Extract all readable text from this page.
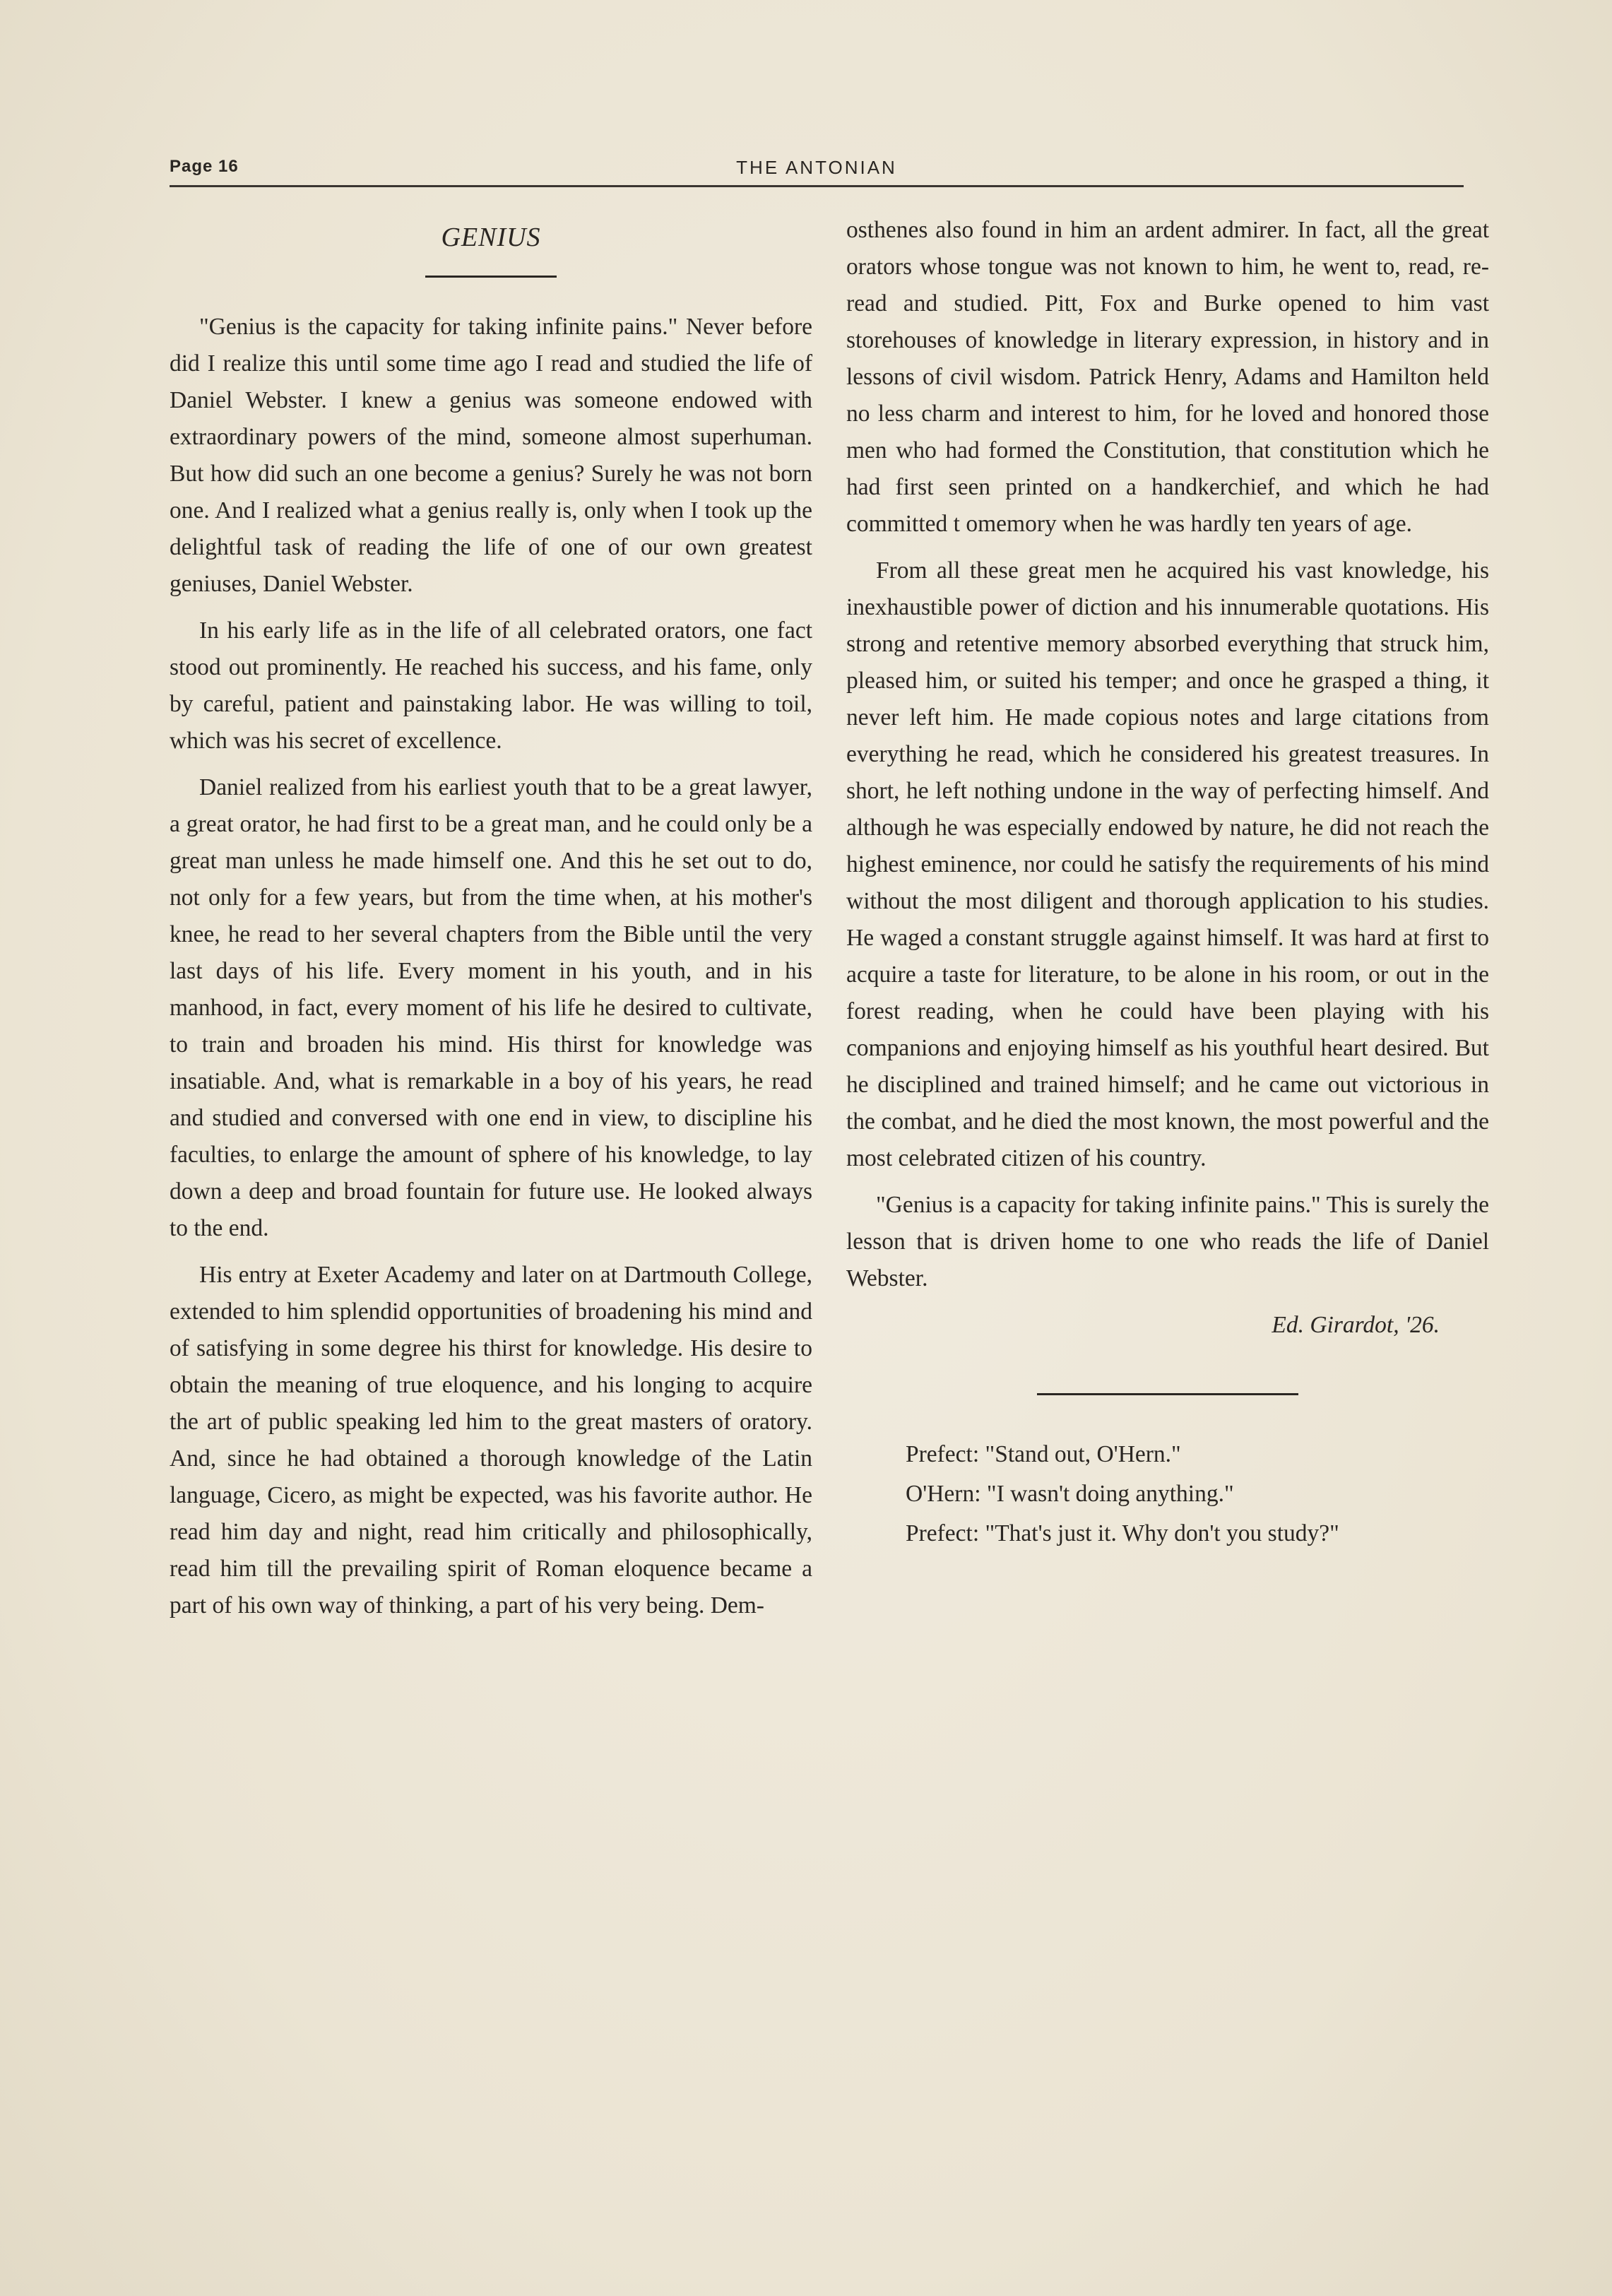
Page 16	THE ANTONIAN
GENIUS

"Genius is the capacity for taking infinite pains." Never before did I realize this until some time ago I read and studied the life of Daniel Webster. I knew a genius was someone endowed with extraordinary powers of the mind, someone almost superhuman. But how did such an one become a genius? Surely he was not born one. And I realized what a genius really is, only when I took up the delightful task of reading the life of one of our own greatest geniuses, Daniel Webster.

In his early life as in the life of all celebrated orators, one fact stood out prominently. He reached his success, and his fame, only by careful, patient and painstaking labor. He was willing to toil, which was his secret of excellence.

Daniel realized from his earliest youth that to be a great lawyer, a great orator, he had first to be a great man, and he could only be a great man unless he made himself one. And this he set out to do, not only for a few years, but from the time when, at his mother's knee, he read to her several chapters from the Bible until the very last days of his life. Every moment in his youth, and in his manhood, in fact, every moment of his life he desired to cultivate, to train and broaden his mind. His thirst for knowledge was insatiable. And, what is remarkable in a boy of his years, he read and studied and conversed with one end in view, to discipline his faculties, to enlarge the amount of sphere of his knowledge, to lay down a deep and broad fountain for future use. He looked always to the end.

His entry at Exeter Academy and later on at Dartmouth College, extended to him splendid opportunities of broadening his mind and of satisfying in some degree his thirst for knowledge. His desire to obtain the meaning of true eloquence, and his longing to acquire the art of public speaking led him to the great masters of oratory. And, since he had obtained a thorough knowledge of the Latin language, Cicero, as might be expected, was his favorite author. He read him day and night, read him critically and philosophically, read him till the prevailing spirit of Roman eloquence became a part of his own way of thinking, a part of his very being. Dem-

osthenes also found in him an ardent admirer. In fact, all the great orators whose tongue was not known to him, he went to, read, re-read and studied. Pitt, Fox and Burke opened to him vast storehouses of knowledge in literary expression, in history and in lessons of civil wisdom. Patrick Henry, Adams and Hamilton held no less charm and interest to him, for he loved and honored those men who had formed the Constitution, that constitution which he had first seen printed on a handkerchief, and which he had committed t omemory when he was hardly ten years of age.

From all these great men he acquired his vast knowledge, his inexhaustible power of diction and his innumerable quotations. His strong and retentive memory absorbed everything that struck him, pleased him, or suited his temper; and once he grasped a thing, it never left him. He made copious notes and large citations from everything he read, which he considered his greatest treasures. In short, he left nothing undone in the way of perfecting himself. And although he was especially endowed by nature, he did not reach the highest eminence, nor could he satisfy the requirements of his mind without the most diligent and thorough application to his studies. He waged a constant struggle against himself. It was hard at first to acquire a taste for literature, to be alone in his room, or out in the forest reading, when he could have been playing with his companions and enjoying himself as his youthful heart desired. But he disciplined and trained himself; and he came out victorious in the combat, and he died the most known, the most powerful and the most celebrated citizen of his country.

"Genius is a capacity for taking infinite pains." This is surely the lesson that is driven home to one who reads the life of Daniel Webster.

Ed. Girardot, '26.

Prefect: "Stand out, O'Hern."
O'Hern: "I wasn't doing anything."
Prefect: "That's just it. Why don't you study?"
